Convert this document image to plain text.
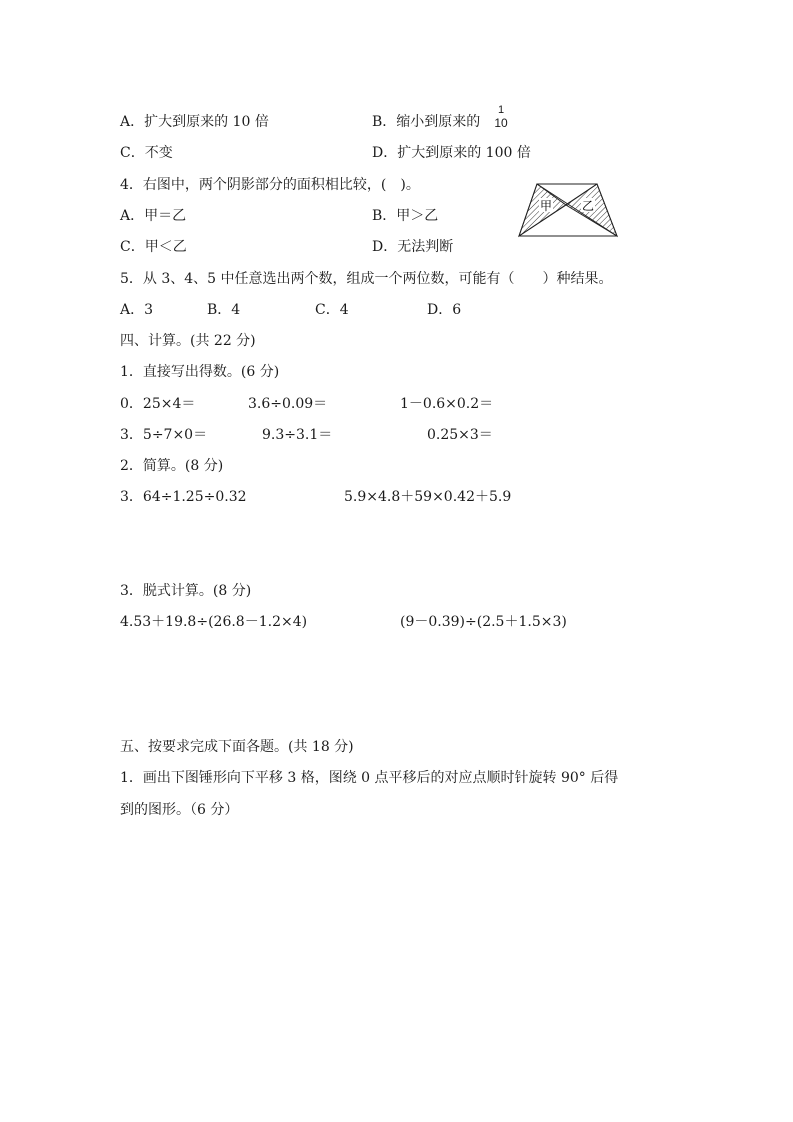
A．扩大到原来的 10 倍	B．缩小到原来的
1
10
C．不变	D．扩大到原来的 100 倍
4．右图中，两个阴影部分的面积相比较，(　)。
A．甲＝乙	B．甲＞乙
C．甲＜乙	D．无法判断
甲 乙
5．从 3、4、5 中任意选出两个数，组成一个两位数，可能有（　　）种结果。
A．3	B．4	C．4	D．6
四、计算。(共 22 分)
1．直接写出得数。(6 分)
0．25×4＝	3.6÷0.09＝	1－0.6×0.2＝
3．5÷7×0＝	9.3÷3.1＝	0.25×3＝
2．简算。(8 分)
3．64÷1.25÷0.32	5.9×4.8＋59×0.42＋5.9
3．脱式计算。(8 分)
4.53＋19.8÷(26.8－1.2×4)	(9－0.39)÷(2.5＋1.5×3)
五、按要求完成下面各题。(共 18 分)
1．画出下图锤形向下平移 3 格，图绕 0 点平移后的对应点顺时针旋转 90° 后得
到的图形。（6 分）
